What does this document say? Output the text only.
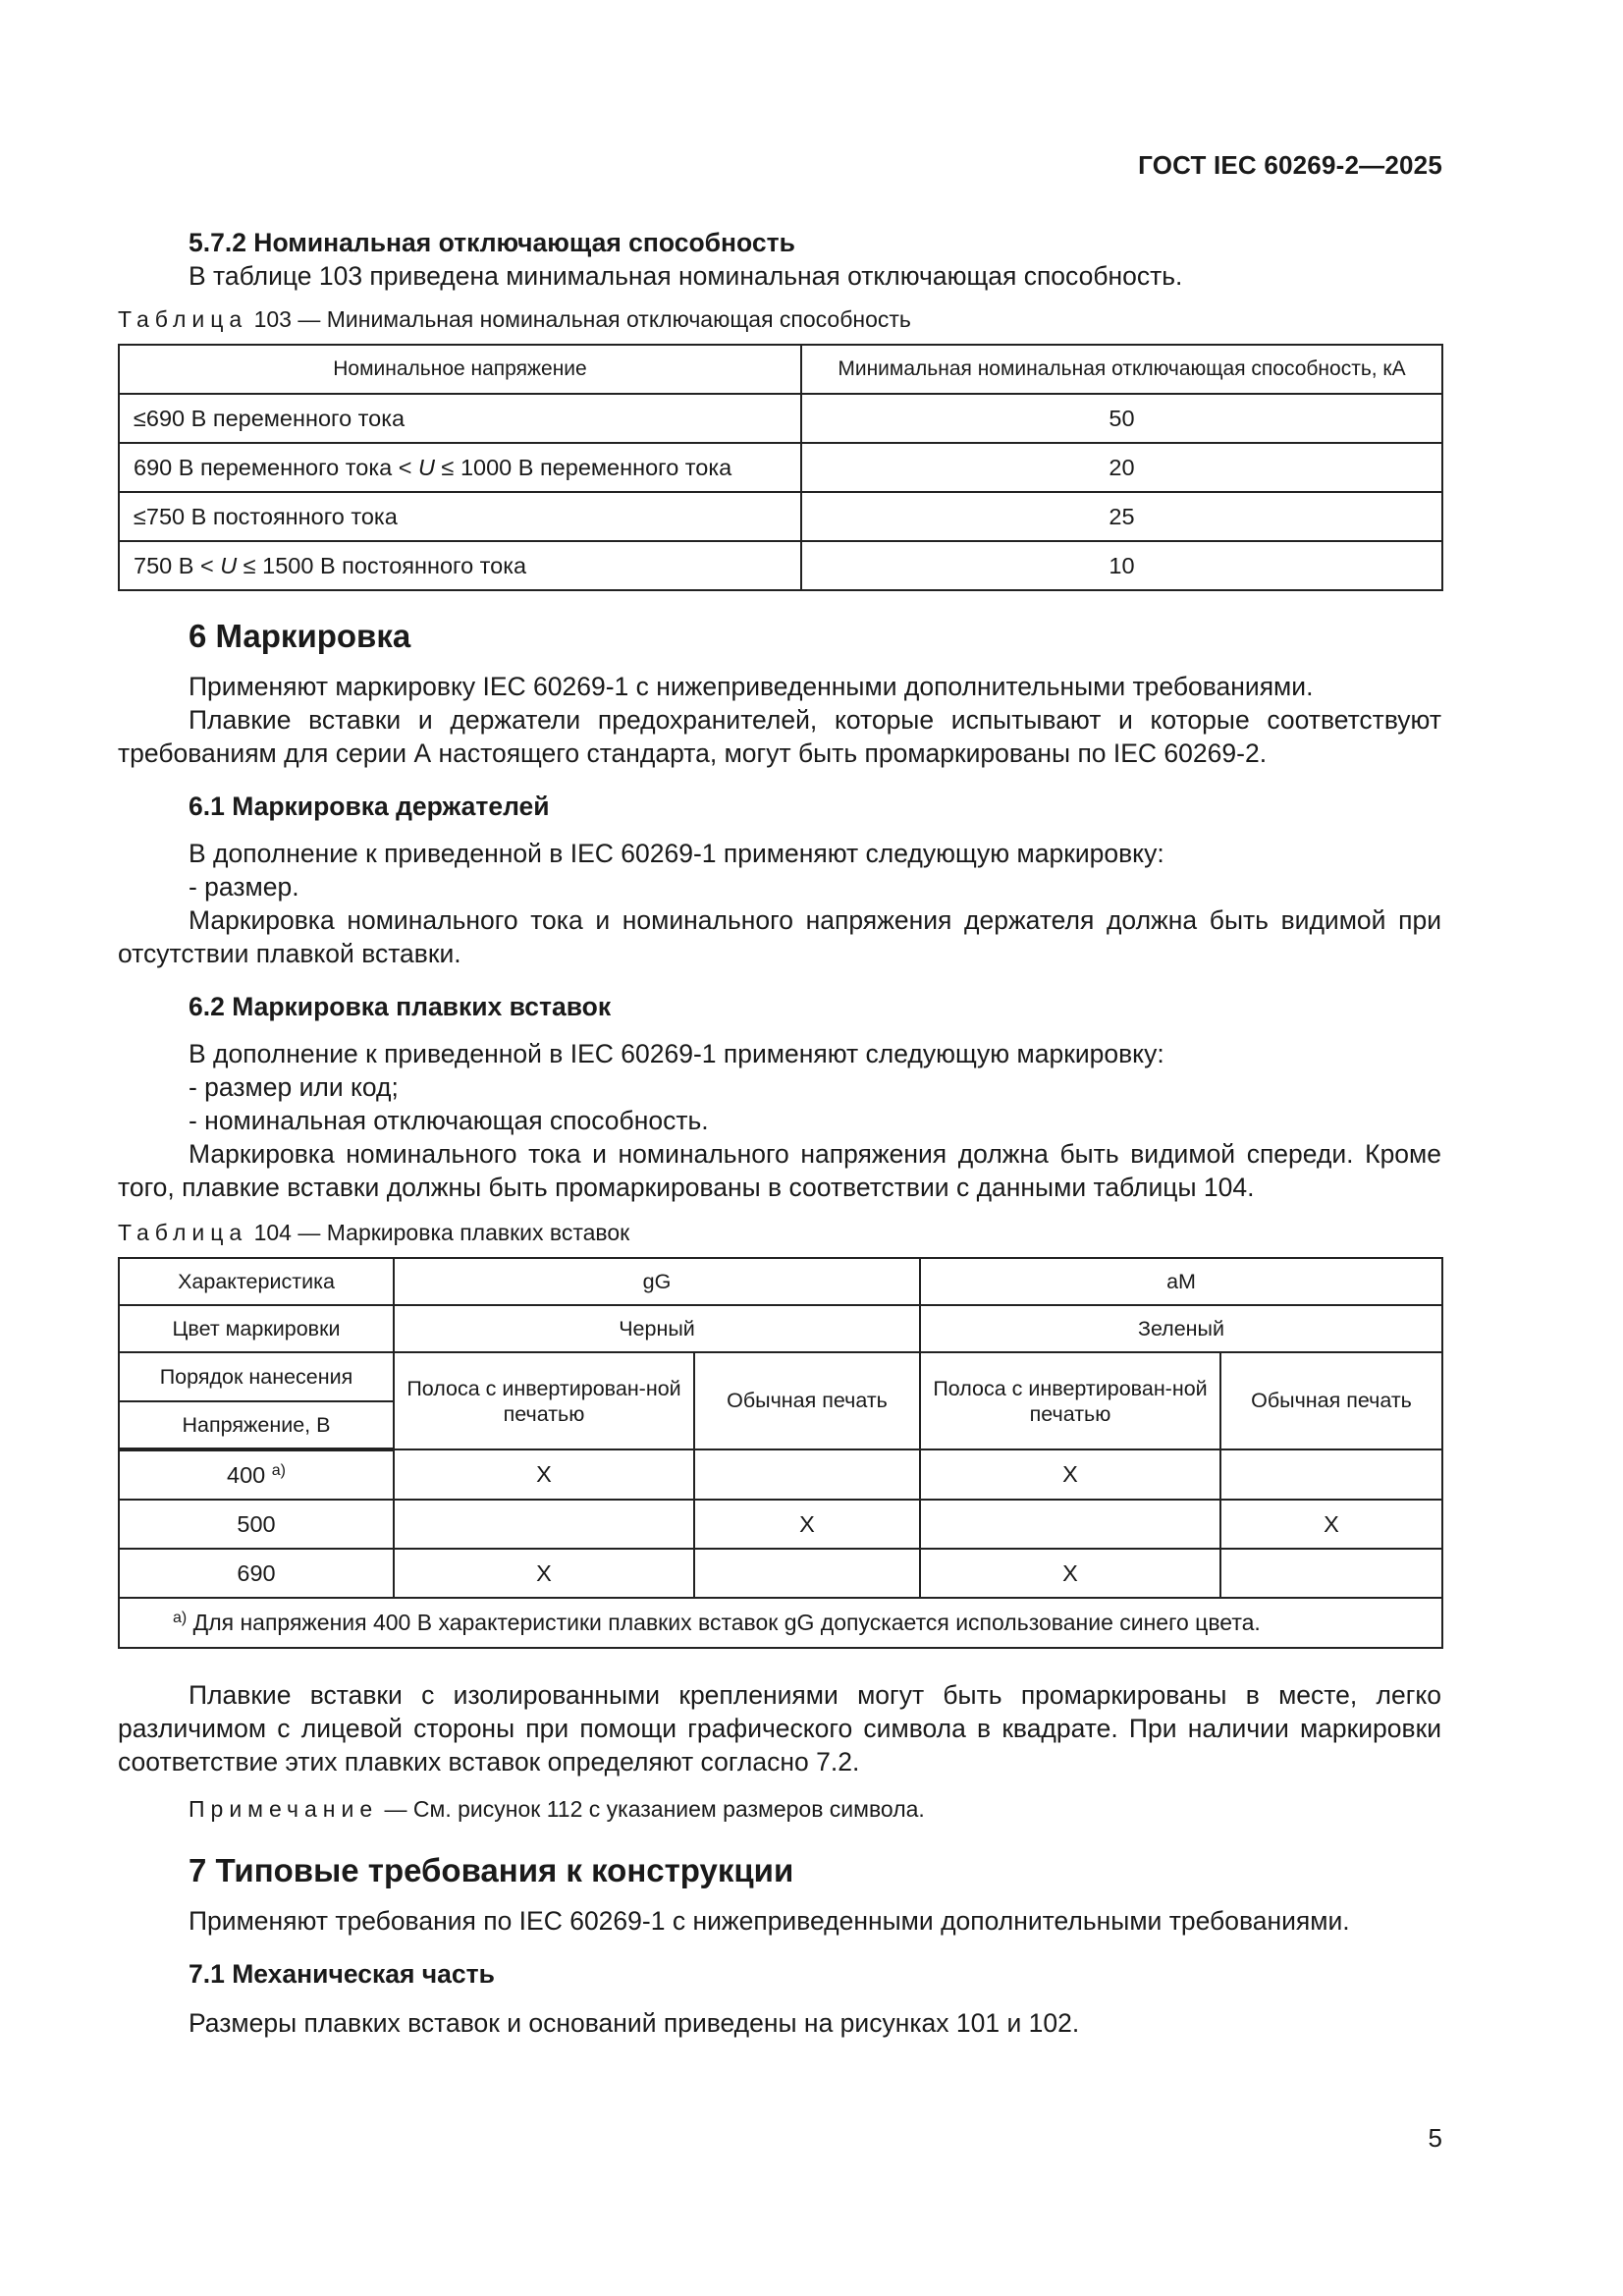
ГОСТ IEC 60269-2—2025

5.7.2 Номинальная отключающая способность

В таблице 103 приведена минимальная номинальная отключающая способность.

Таблица 103 — Минимальная номинальная отключающая способность

Номинальное напряжение	Минимальная номинальная отключающая способность, кА
≤690 В переменного тока	50
690 В переменного тока < U ≤ 1000 В переменного тока	20
≤750 В постоянного тока	25
750 В < U ≤ 1500 В постоянного тока	10

6 Маркировка

Применяют маркировку IEC 60269-1 с нижеприведенными дополнительными требованиями.

Плавкие вставки и держатели предохранителей, которые испытывают и которые соответствуют требованиям для серии А настоящего стандарта, могут быть промаркированы по IEC 60269-2.

6.1 Маркировка держателей

В дополнение к приведенной в IEC 60269-1 применяют следующую маркировку:

- размер.

Маркировка номинального тока и номинального напряжения держателя должна быть видимой при отсутствии плавкой вставки.

6.2 Маркировка плавких вставок

В дополнение к приведенной в IEC 60269-1 применяют следующую маркировку:

- размер или код;

- номинальная отключающая способность.

Маркировка номинального тока и номинального напряжения должна быть видимой спереди. Кроме того, плавкие вставки должны быть промаркированы в соответствии с данными таблицы 104.

Таблица 104 — Маркировка плавких вставок

Характеристика	gG		aM	
Цвет маркировки	Черный		Зеленый	
Порядок нанесения	Полоса с инвертирован-ной печатью	Обычная печать	Полоса с инвертирован-ной печатью	Обычная печать
Напряжение, В				
400 $^{а)}$	X		X	
500		X		X
690	X		X	
$^{а)}$ Для напряжения 400 В характеристики плавких вставок gG допускается использование синего цвета.				

Плавкие вставки с изолированными креплениями могут быть промаркированы в месте, легко различимом с лицевой стороны при помощи графического символа в квадрате. При наличии маркировки соответствие этих плавких вставок определяют согласно 7.2.

Примечание — См. рисунок 112 с указанием размеров символа.

7 Типовые требования к конструкции

Применяют требования по IEC 60269-1 с нижеприведенными дополнительными требованиями.

7.1 Механическая часть

Размеры плавких вставок и оснований приведены на рисунках 101 и 102.

5
